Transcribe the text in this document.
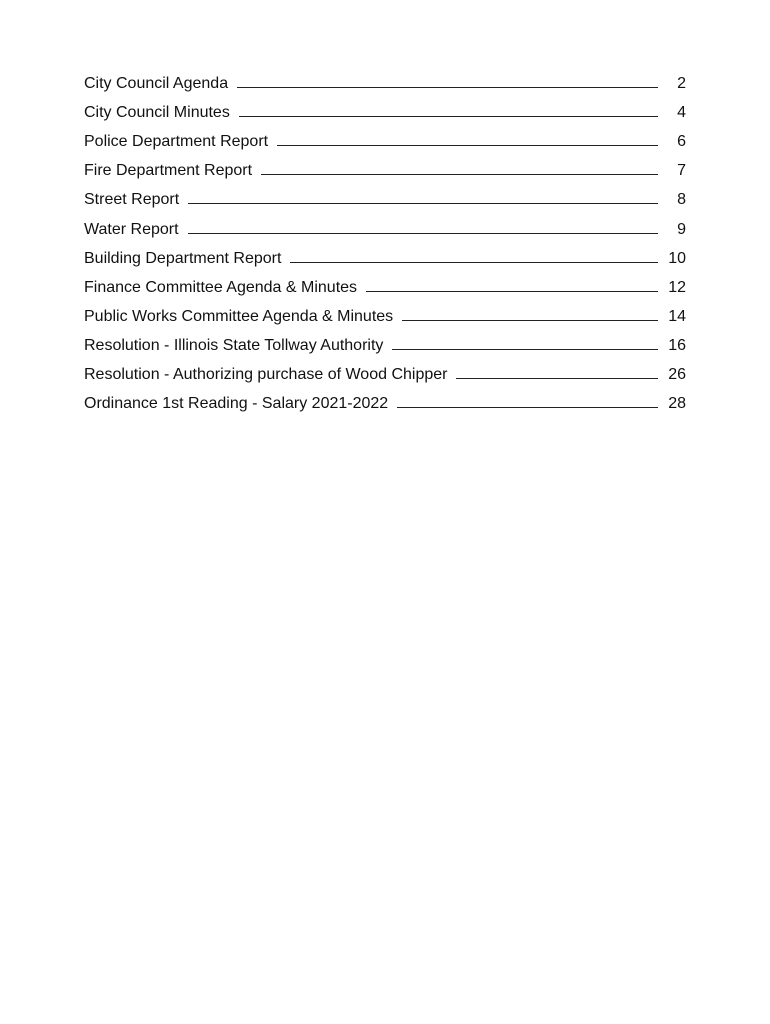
City Council Agenda	2
City Council Minutes	4
Police Department Report	6
Fire Department Report	7
Street Report	8
Water Report	9
Building Department Report	10
Finance Committee Agenda & Minutes	12
Public Works Committee Agenda & Minutes	14
Resolution - Illinois State Tollway Authority	16
Resolution - Authorizing purchase of Wood Chipper	26
Ordinance 1st Reading - Salary 2021-2022	28
